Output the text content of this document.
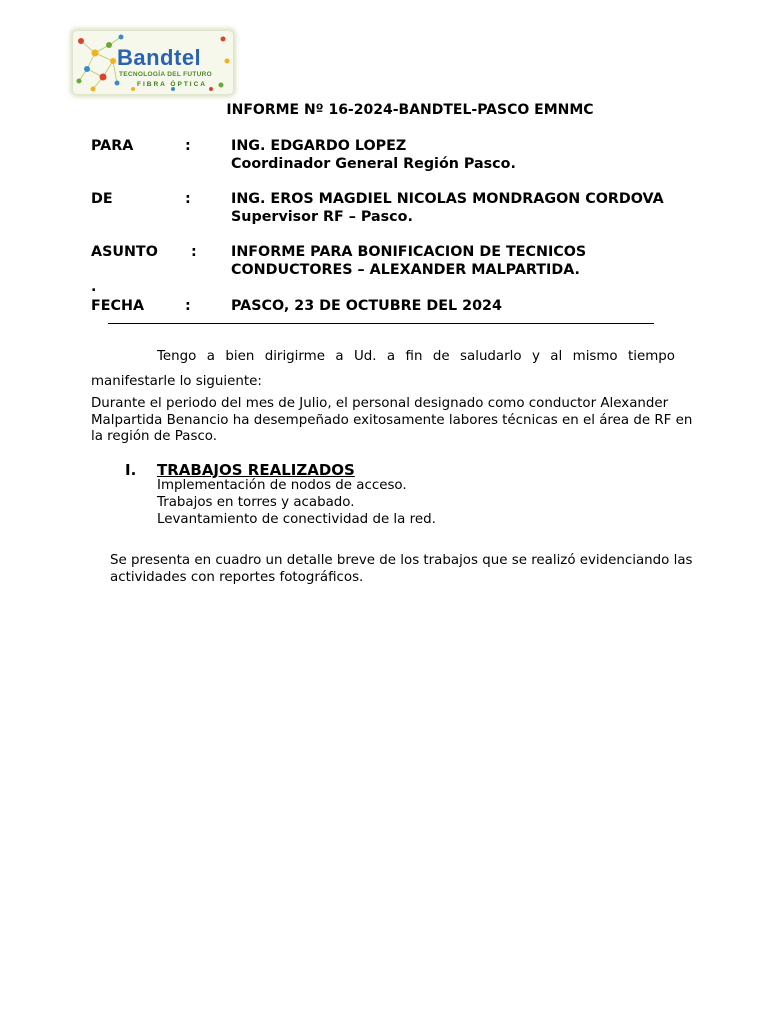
Bandtel
TECNOLOGÍA DEL FUTURO
FIBRA ÓPTICA
INFORME Nº 16-2024-BANDTEL-PASCO EMNMC
PARA	:	ING. EDGARDO LOPEZ
Coordinador General Región Pasco.
DE	:	ING. EROS MAGDIEL NICOLAS MONDRAGON CORDOVA
Supervisor RF – Pasco.
ASUNTO : INFORME PARA BONIFICACION DE TECNICOS
CONDUCTORES – ALEXANDER MALPARTIDA.
.
FECHA	:	PASCO, 23 DE OCTUBRE DEL 2024
Tengo a bien dirigirme a Ud. a fin de saludarlo y al mismo tiempo
manifestarle lo siguiente:
Durante el periodo del mes de Julio, el personal designado como conductor Alexander
Malpartida Benancio ha desempeñado exitosamente labores técnicas en el área de RF en
la región de Pasco.
I. TRABAJOS REALIZADOS
Implementación de nodos de acceso.
Trabajos en torres y acabado.
Levantamiento de conectividad de la red.
Se presenta en cuadro un detalle breve de los trabajos que se realizó evidenciando las
actividades con reportes fotográficos.
